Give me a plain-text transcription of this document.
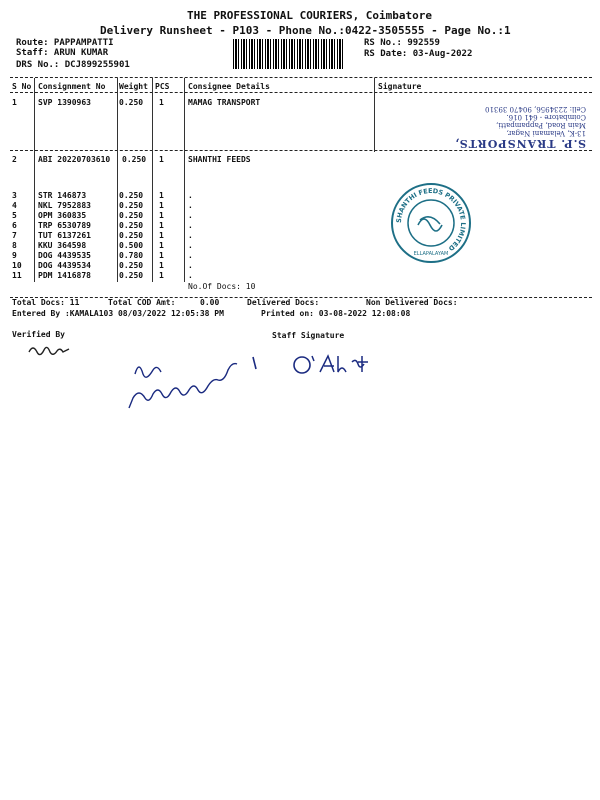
THE PROFESSIONAL COURIERS, Coimbatore
Delivery Runsheet - P103 - Phone No.:0422-3505555 - Page No.:1
Route: PAPPAMPATTI
Staff: ARUN KUMAR
DRS No.: DCJ899255901
RS No.: 992559
RS Date: 03-Aug-2022
S No Consignment No Weight PCS Consignee Details	Signature
1	SVP 1390963	0.250 1	MAMAG TRANSPORT
2	ABI 20220703610 0.250 1	SHANTHI FEEDS
3	STR 146873	0.250 1	.
4	NKL 7952883	0.250 1	.
5	OPM 360835	0.250 1	.
6	TRP 6530789	0.250 1	.
7	TUT 6137261	0.250 1	.
8	KKU 364598	0.500 1	.
9	DOG 4439535	0.780 1	.
10 DOG 4439534	0.250 1	.
11 PDM 1416878	0.250 1	.
No.Of Docs: 10
S.P. TRANSPORTS,
13-K, Velamani Nagar,
Main Road, Pappampatti,
Coimbatore - 641 016.
Cell: 2234956, 90470 39310
SHANTHI FEEDS PRIVATE LIMITED
ELLAPALAYAM
Total Docs: 11	Total COD Amt:	0.00	Delivered Docs:	Non Delivered Docs:
Entered By :KAMALA103 08/03/2022 12:05:38 PM	Printed on: 03-08-2022 12:08:08
Verified By	Staff Signature
